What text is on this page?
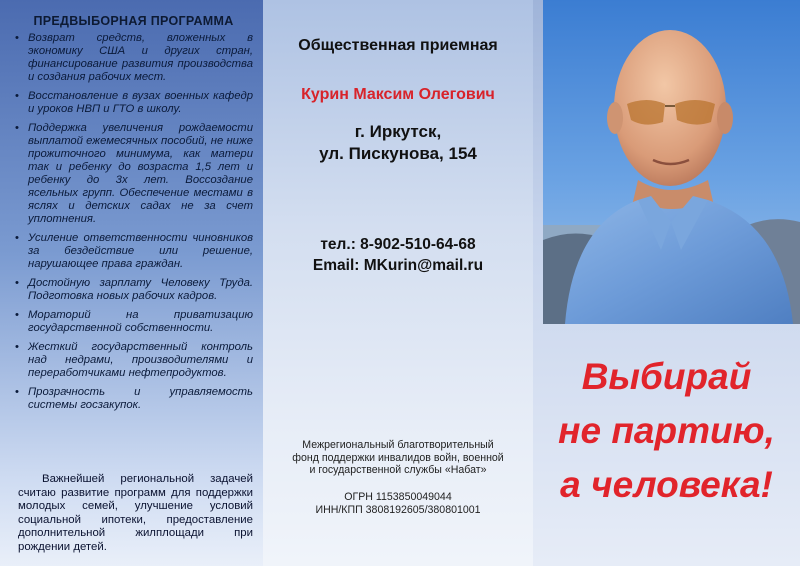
ПРЕДВЫБОРНАЯ ПРОГРАММА
• Возврат средств, вложенных в экономику США и других стран, финансирование развития производства и создания рабочих мест.
• Восстановление в вузах военных кафедр и уроков НВП и ГТО в школу.
• Поддержка увеличения рождаемости выплатой ежемесячных пособий, не ниже прожиточного минимума, как матери так и ребенку до возраста 1,5 лет и ребенку до 3х лет. Воссоздание ясельных групп. Обеспечение местами в яслях и детских садах не за счет уплотнения.
• Усиление ответственности чиновников за бездействие или решение, нарушающее права граждан.
• Достойную зарплату Человеку Труда. Подготовка новых рабочих кадров.
• Мораторий на приватизацию государственной собственности.
• Жесткий государственный контроль над недрами, производителями и переработчиками нефтепродуктов.
• Прозрачность и управляемость системы госзакупок.
Важнейшей региональной задачей считаю развитие программ для поддержки молодых семей, улучшение условий социальной ипотеки, предоставление дополнительной жилплощади при рождении детей.
Общественная приемная
Курин Максим Олегович
г. Иркутск,
ул. Пискунова, 154
тел.: 8-902-510-64-68
Email: MKurin@mail.ru
Межрегиональный благотворительный
фонд поддержки инвалидов войн, военной
и государственной службы «Набат»
ОГРН 1153850049044
ИНН/КПП 3808192605/380801001
Выбирай
не партию,
а человека!
